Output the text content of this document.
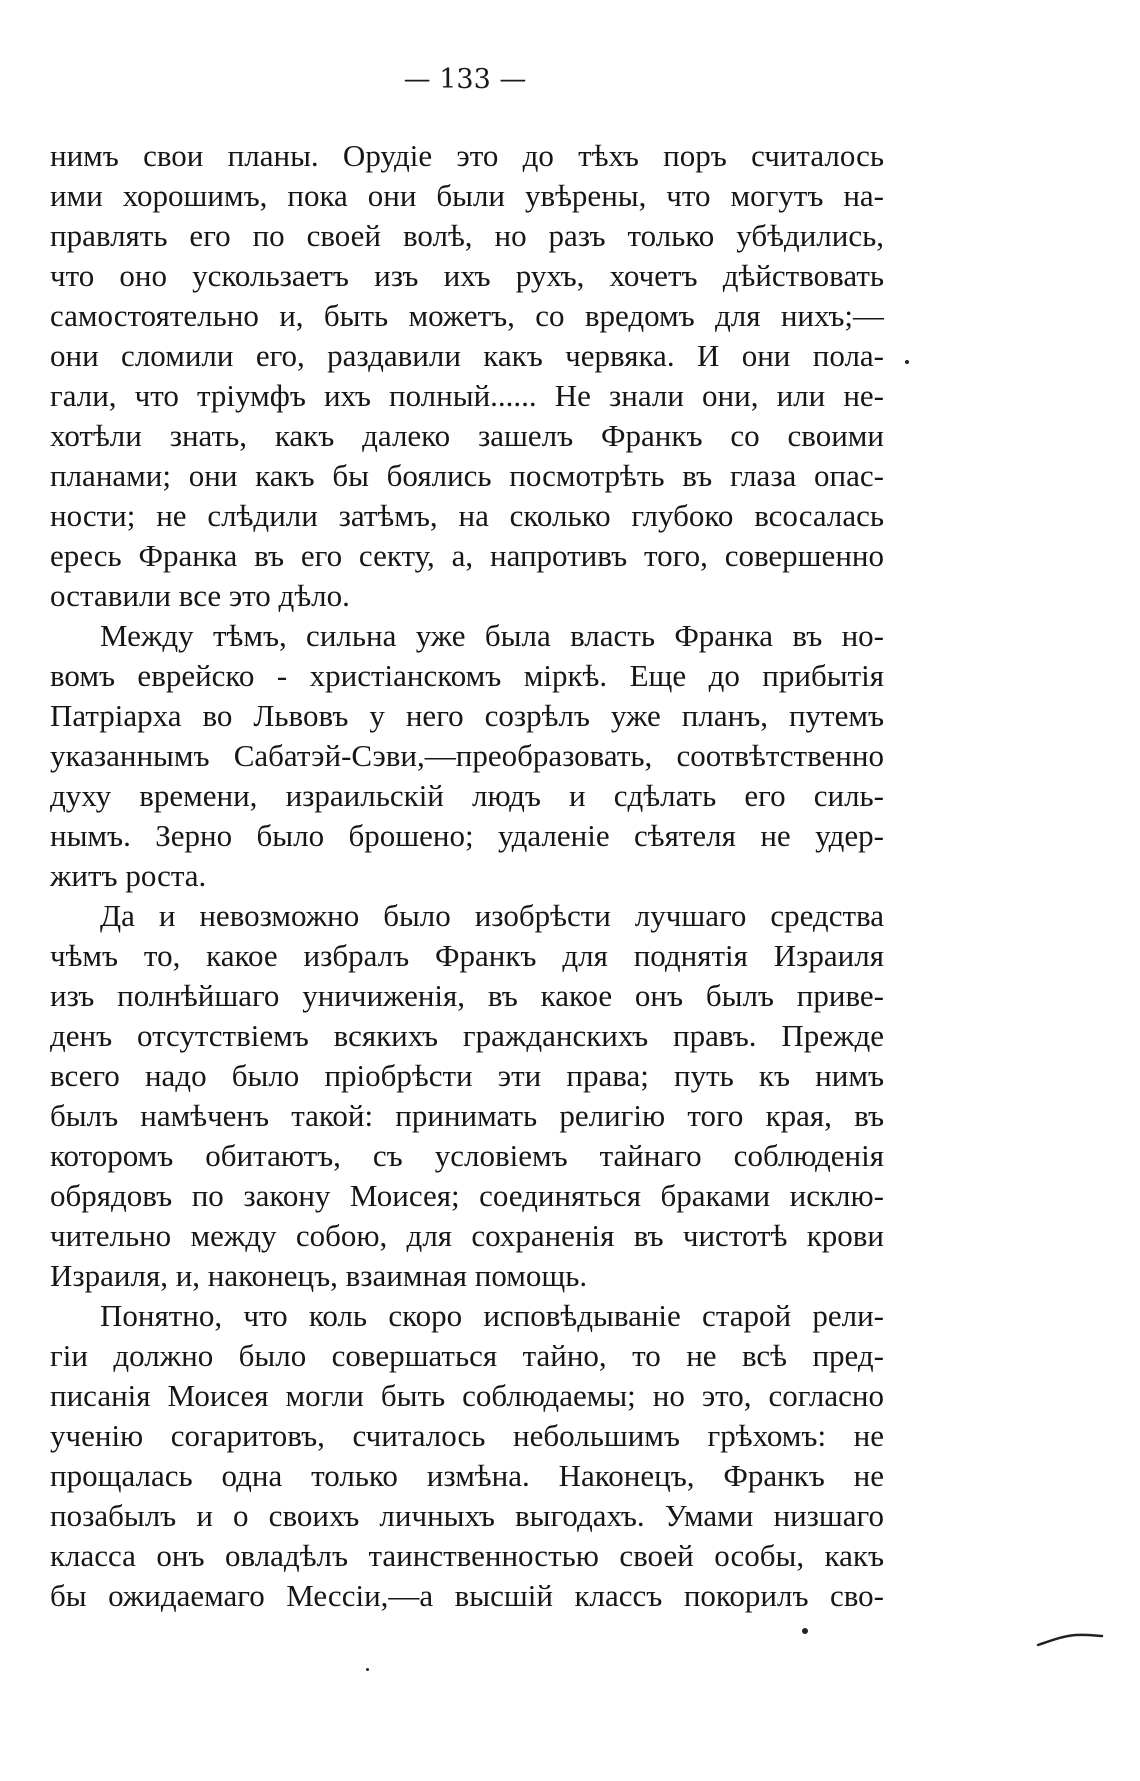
— 133 —
нимъ свои планы. Орудіе это до тѣхъ поръ считалось
ими хорошимъ, пока они были увѣрены, что могутъ на-
правлять его по своей волѣ, но разъ только убѣдились,
что оно ускользаетъ изъ ихъ рухъ, хочетъ дѣйствовать
самостоятельно и, быть можетъ, со вредомъ для нихъ;—
они сломили его, раздавили какъ червяка. И они пола-
гали, что тріумфъ ихъ полный...... Не знали они, или не-
хотѣли знать, какъ далеко зашелъ Франкъ со своими
планами; они какъ бы боялись посмотрѣть въ глаза опас-
ности; не слѣдили затѣмъ, на сколько глубоко всосалась
ересь Франка въ его секту, а, напротивъ того, совершенно
оставили все это дѣло.
Между тѣмъ, сильна уже была власть Франка въ но-
вомъ еврейско - христіанскомъ міркѣ. Еще до прибытія
Патріарха во Львовъ у него созрѣлъ уже планъ, путемъ
указаннымъ Сабатэй-Сэви,—преобразовать, соотвѣтственно
духу времени, израильскій людъ и сдѣлать его силь-
нымъ. Зерно было брошено; удаленіе сѣятеля не удер-
житъ роста.
Да и невозможно было изобрѣсти лучшаго средства
чѣмъ то, какое избралъ Франкъ для поднятія Израиля
изъ полнѣйшаго уничиженія, въ какое онъ былъ приве-
денъ отсутствіемъ всякихъ гражданскихъ правъ. Прежде
всего надо было пріобрѣсти эти права; путь къ нимъ
былъ намѣченъ такой: принимать религію того края, въ
которомъ обитаютъ, съ условіемъ тайнаго соблюденія
обрядовъ по закону Моисея; соединяться браками исклю-
чительно между собою, для сохраненія въ чистотѣ крови
Израиля, и, наконецъ, взаимная помощь.
Понятно, что коль скоро исповѣдываніе старой рели-
гіи должно было совершаться тайно, то не всѣ пред-
писанія Моисея могли быть соблюдаемы; но это, согласно
ученію согаритовъ, считалось небольшимъ грѣхомъ: не
прощалась одна только измѣна. Наконецъ, Франкъ не
позабылъ и о своихъ личныхъ выгодахъ. Умами низшаго
класса онъ овладѣлъ таинственностью своей особы, какъ
бы ожидаемаго Мессіи,—а высшій классъ покорилъ сво-
